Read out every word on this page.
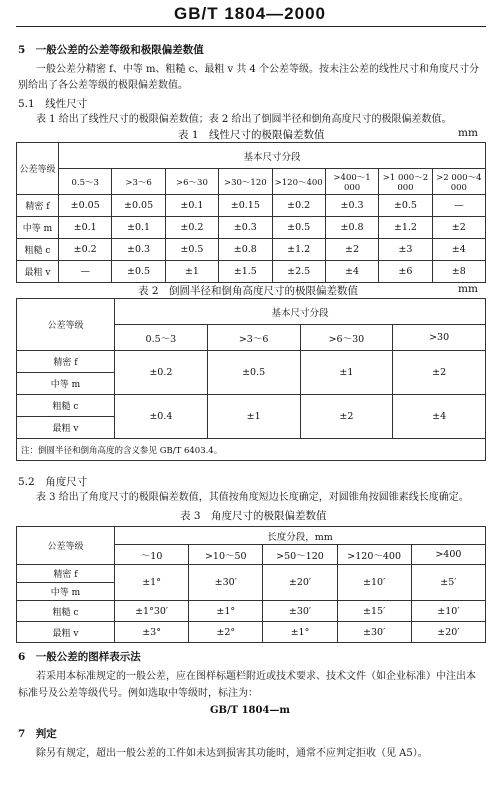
GB/T 1804—2000
5　一般公差的公差等级和极限偏差数值
一般公差分精密 f、中等 m、粗糙 c、最粗 v 共 4 个公差等级。按未注公差的线性尺寸和角度尺寸分
别给出了各公差等级的极限偏差数值。
5.1　线性尺寸
表 1 给出了线性尺寸的极限偏差数值；表 2 给出了倒圆半径和倒角高度尺寸的极限偏差数值。
表 1　线性尺寸的极限偏差数值	mm
公差等级	基本尺寸分段							
	0.5～3	>3～6	>6～30	>30～120	>120～400	>400～1 000	>1 000～2 000	>2 000～4 000
精密 f	±0.05	±0.05	±0.1	±0.15	±0.2	±0.3	±0.5	—
中等 m	±0.1	±0.1	±0.2	±0.3	±0.5	±0.8	±1.2	±2
粗糙 c	±0.2	±0.3	±0.5	±0.8	±1.2	±2	±3	±4
最粗 v	—	±0.5	±1	±1.5	±2.5	±4	±6	±8
表 2　倒圆半径和倒角高度尺寸的极限偏差数值	mm
公差等级	基本尺寸分段			
	0.5～3	>3～6	>6～30	>30
精密 f	±0.2	±0.5	±1	±2
中等 m				
粗糙 c	±0.4	±1	±2	±4
最粗 v				
注：倒圆半径和倒角高度的含义参见 GB/T 6403.4。				
5.2　角度尺寸
表 3 给出了角度尺寸的极限偏差数值，其值按角度短边长度确定，对圆锥角按圆锥素线长度确定。
表 3　角度尺寸的极限偏差数值
公差等级	长度分段，mm				
	～10	>10～50	>50～120	>120～400	>400
精密 f	±1°	±30′	±20′	±10′	±5′
中等 m					
粗糙 c	±1°30′	±1°	±30′	±15′	±10′
最粗 v	±3°	±2°	±1°	±30′	±20′
6　一般公差的图样表示法
若采用本标准规定的一般公差，应在图样标题栏附近或技术要求、技术文件（如企业标准）中注出本
标准号及公差等级代号。例如选取中等级时，标注为：
GB/T 1804—m
7　判定
除另有规定，超出一般公差的工件如未达到损害其功能时，通常不应判定拒收（见 A5）。
